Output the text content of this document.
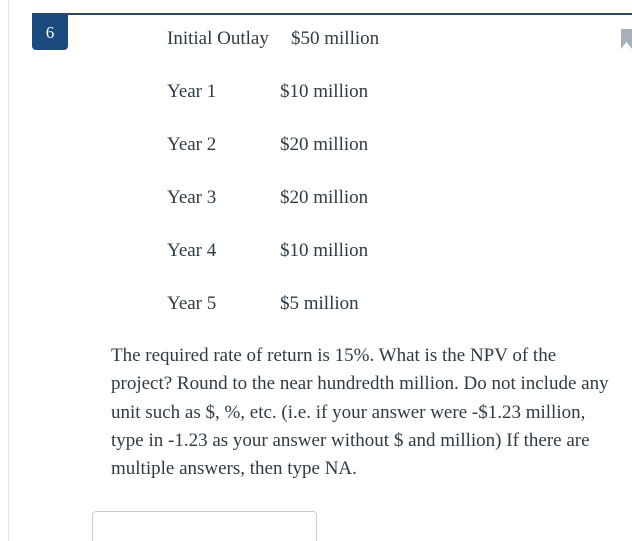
6	Initial Outlay $50 million
Year 1	$10 million
Year 2	$20 million
Year 3	$20 million
Year 4	$10 million
Year 5	$5 million
The required rate of return is 15%. What is the NPV of the project? Round to the near hundredth million. Do not include any unit such as $, %, etc. (i.e. if your answer were -$1.23 million, type in -1.23 as your answer without $ and million) If there are multiple answers, then type NA.
